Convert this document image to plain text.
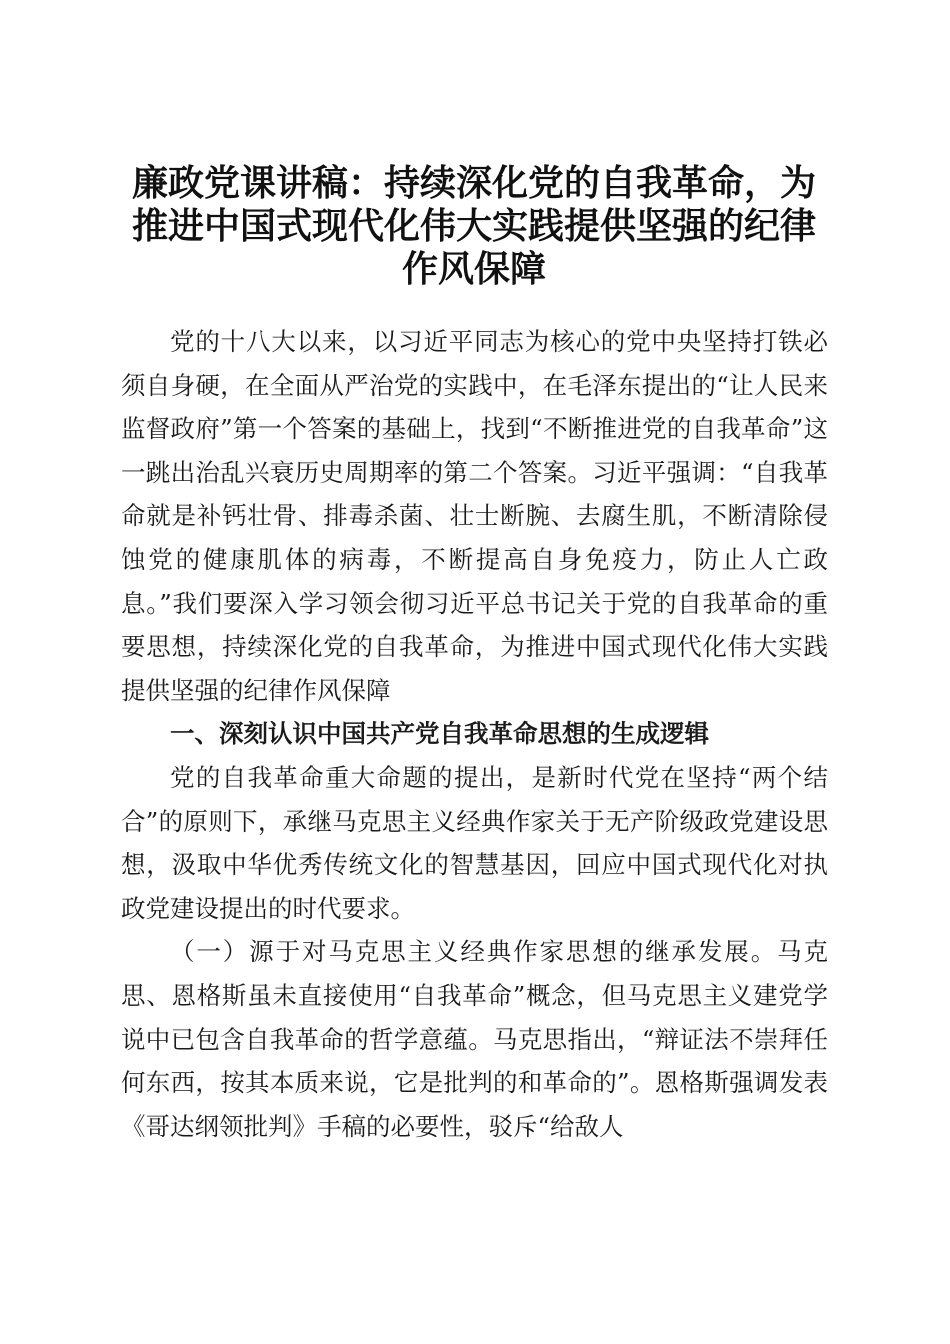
廉政党课讲稿：持续深化党的自我革命，为推进中国式现代化伟大实践提供坚强的纪律作风保障

党的十八大以来，以习近平同志为核心的党中央坚持打铁必须自身硬，在全面从严治党的实践中，在毛泽东提出的“让人民来监督政府”第一个答案的基础上，找到“不断推进党的自我革命”这一跳出治乱兴衰历史周期率的第二个答案。习近平强调：“自我革命就是补钙壮骨、排毒杀菌、壮士断腕、去腐生肌，不断清除侵蚀党的健康肌体的病毒，不断提高自身免疫力，防止人亡政息。”我们要深入学习领会彻习近平总书记关于党的自我革命的重要思想，持续深化党的自我革命，为推进中国式现代化伟大实践提供坚强的纪律作风保障

一、深刻认识中国共产党自我革命思想的生成逻辑

党的自我革命重大命题的提出，是新时代党在坚持“两个结合”的原则下，承继马克思主义经典作家关于无产阶级政党建设思想，汲取中华优秀传统文化的智慧基因，回应中国式现代化对执政党建设提出的时代要求。

（一）源于对马克思主义经典作家思想的继承发展。马克思、恩格斯虽未直接使用“自我革命”概念，但马克思主义建党学说中已包含自我革命的哲学意蕴。马克思指出，“辩证法不崇拜任何东西，按其本质来说，它是批判的和革命的”。恩格斯强调发表《哥达纲领批判》手稿的必要性，驳斥“给敌人
